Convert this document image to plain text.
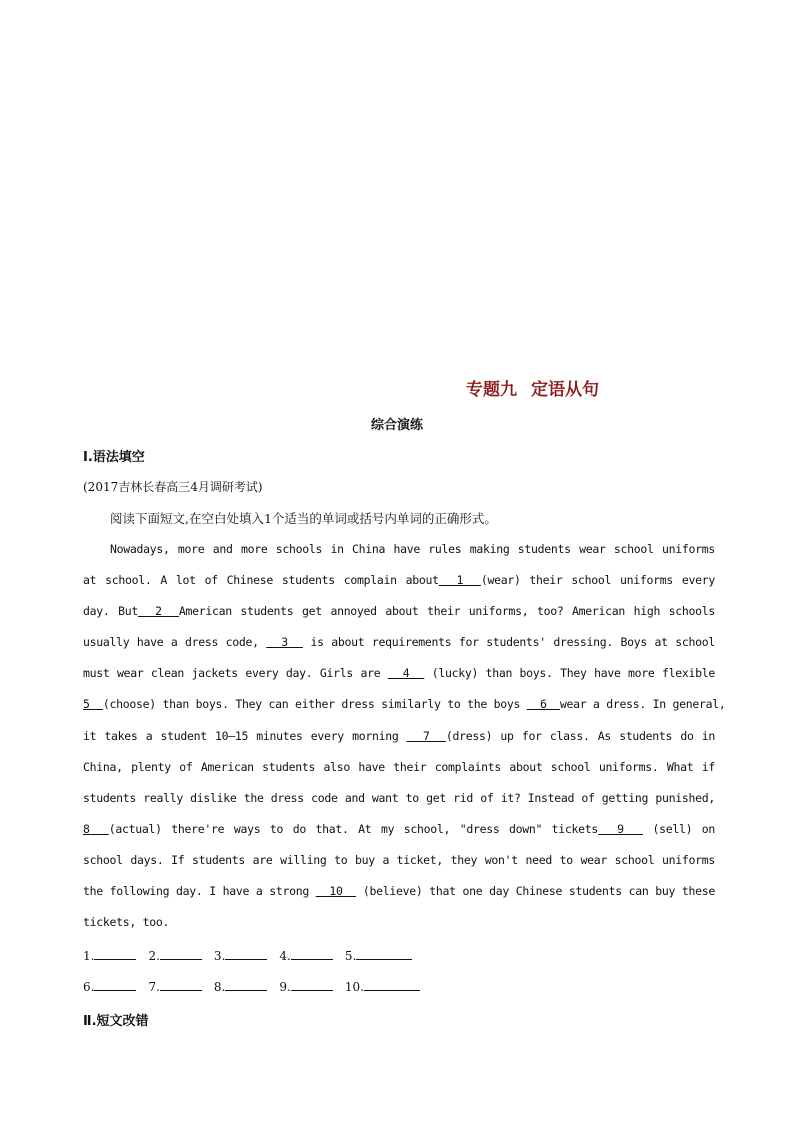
专题九 定语从句
综合演练
Ⅰ.语法填空
(2017吉林长春高三4月调研考试)
阅读下面短文,在空白处填入1个适当的单词或括号内单词的正确形式。
Nowadays, more and more schools in China have rules making students wear school uniforms
at school. A lot of Chinese students complain about  1  (wear) their school uniforms every
day. But  2  American students get annoyed about their uniforms, too? American high schools
usually have a dress code,   3   is about requirements for students' dressing. Boys at school
must wear clean jackets every day. Girls are   4   (lucky) than boys. They have more flexible
5  (choose) than boys. They can either dress similarly to the boys   6  wear a dress. In general,
it takes a student 10—15 minutes every morning   7  (dress) up for class. As students do in
China, plenty of American students also have their complaints about school uniforms. What if
students really dislike the dress code and want to get rid of it? Instead of getting punished,
8  (actual) there're ways to do that. At my school, "dress down" tickets  9   (sell) on
school days. If students are willing to buy a ticket, they won't need to wear school uniforms
the following day. I have a strong   10   (believe) that one day Chinese students can buy these
tickets, too.
1.	2.	3.	4.	5.
6.	7.	8.	9.	10.
Ⅱ.短文改错
